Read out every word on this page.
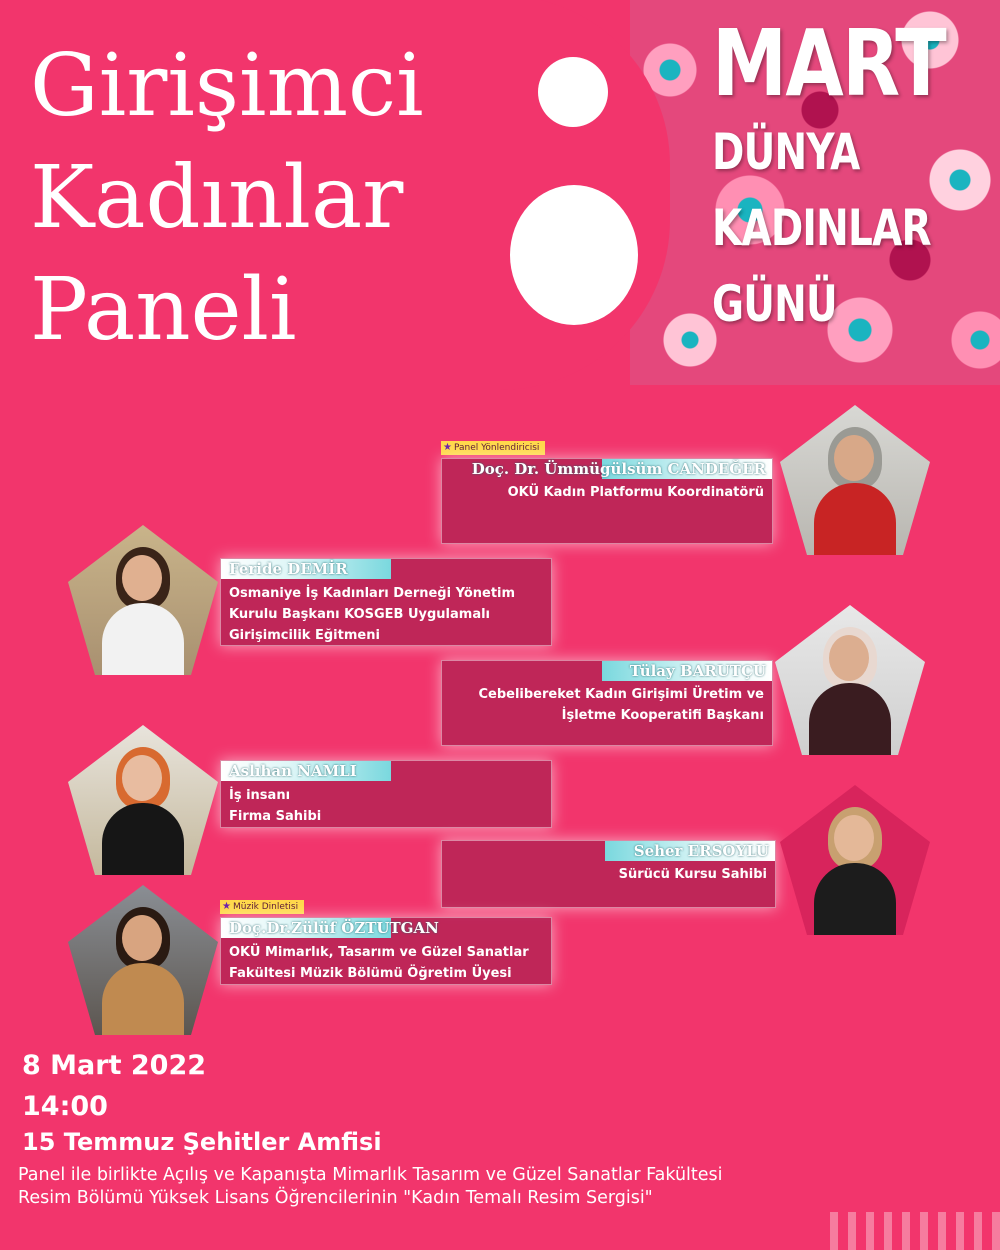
Girişimci
Kadınlar
Paneli
MART
DÜNYA
KADINLAR
GÜNÜ
★ Panel Yönlendiricisi
Doç. Dr. Ümmügülsüm CANDEĞER
OKÜ Kadın Platformu Koordinatörü
Feride DEMİR
Osmaniye İş Kadınları Derneği Yönetim
Kurulu Başkanı KOSGEB Uygulamalı
Girişimcilik Eğitmeni
Tülay BARUTÇU
Cebelibereket Kadın Girişimi Üretim ve
İşletme Kooperatifi Başkanı
Aslıhan NAMLI
İş insanı
Firma Sahibi
Seher ERSOYLU
Sürücü Kursu Sahibi
★ Müzik Dinletisi
Doç.Dr.Zülüf ÖZTUTGAN
OKÜ Mimarlık, Tasarım ve Güzel Sanatlar
Fakültesi Müzik Bölümü Öğretim Üyesi

8 Mart 2022

14:00

15 Temmuz Şehitler Amfisi

Panel ile birlikte Açılış ve Kapanışta Mimarlık Tasarım ve Güzel Sanatlar Fakültesi
Resim Bölümü Yüksek Lisans Öğrencilerinin "Kadın Temalı Resim Sergisi"
